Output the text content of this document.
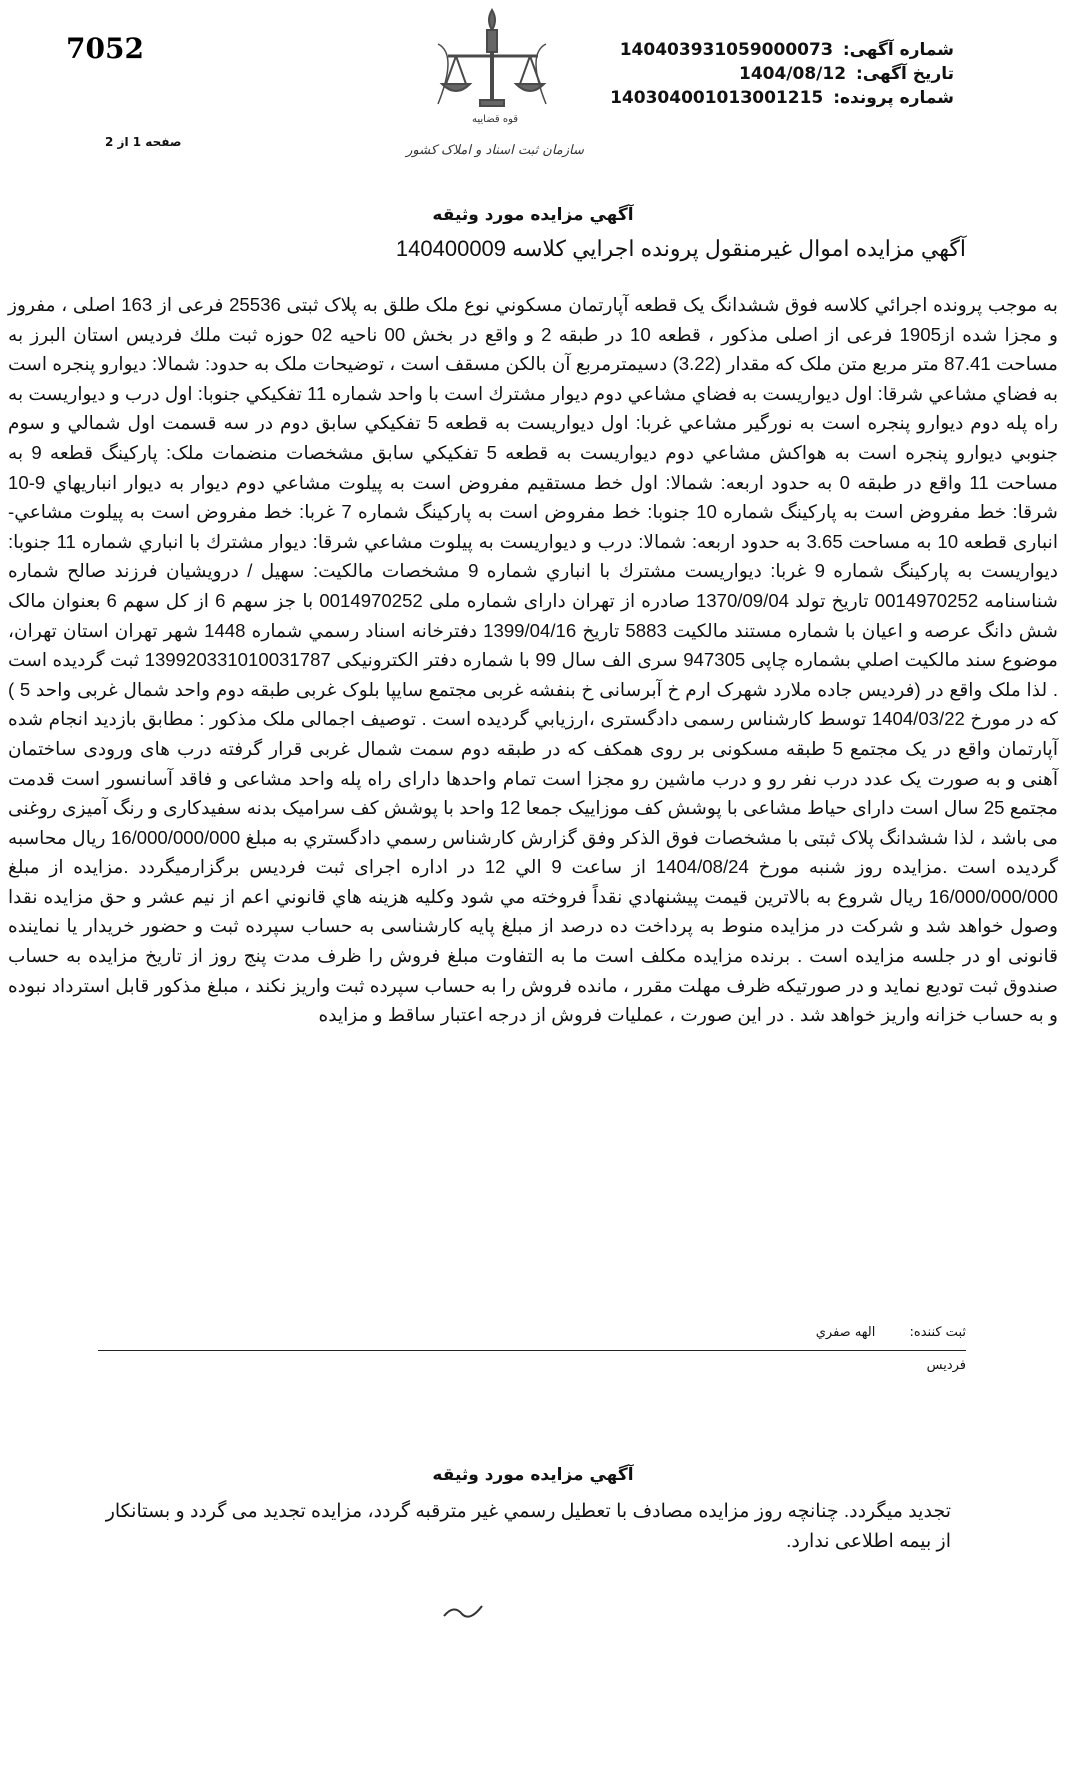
7052
صفحه 1 از 2
قوه قضاییه
سازمان ثبت اسناد و املاک کشور
شماره آگهی: 14040393105900007З
تاریخ آگهی: 1404/08/12
شماره پرونده: 14030400101З001215
آگهي مزايده مورد وثيقه
آگهي مزايده اموال غيرمنقول پرونده اجرايي كلاسه 140400009
به موجب پرونده اجرائي كلاسه فوق ششدانگ يک قطعه آپارتمان مسكوني نوع ملک طلق به پلاک ثبتی 25536 فرعی از 163 اصلی ، مفروز و مجزا شده از1905 فرعی از اصلی مذکور ، قطعه 10 در طبقه 2 و واقع در بخش 00 ناحیه 02 حوزه ثبت ملك فرديس استان البرز به مساحت 87.41 متر مربع متن ملک كه مقدار (3.22) دسیمترمربع آن بالکن مسقف است ، توضيحات ملک به حدود: شمالا: ديوارو پنجره است به فضاي مشاعي شرقا: اول ديواريست به فضاي مشاعي دوم ديوار مشترك است با واحد شماره 11 تفكيكي جنوبا: اول درب و ديواريست به راه پله دوم ديوارو پنجره است به نورگير مشاعي غربا: اول ديواريست به قطعه 5 تفكيكي سابق دوم در سه قسمت اول شمالي و سوم جنوبي ديوارو پنجره است به هواكش مشاعي دوم ديواريست به قطعه 5 تفكيكي سابق مشخصات منضمات ملک: پاركينگ قطعه 9 به مساحت 11 واقع در طبقه 0 به حدود اربعه: شمالا: اول خط مستقيم مفروض است به پيلوت مشاعي دوم ديوار به ديوار انباريهاي 9-10 شرقا: خط مفروض است به پاركينگ شماره 10 جنوبا: خط مفروض است به پاركينگ شماره 7 غربا: خط مفروض است به پيلوت مشاعي- انبارى قطعه 10 به مساحت 3.65 به حدود اربعه: شمالا: درب و ديواريست به پيلوت مشاعي شرقا: ديوار مشترك با انباري شماره 11 جنوبا: ديواريست به پاركينگ شماره 9 غربا: ديواريست مشترك با انباري شماره 9 مشخصات مالکیت: سهیل / درویشیان فرزند صالح شماره شناسنامه 0014970252 تاريخ تولد 1370/09/04 صادره از تهران دارای شماره ملی 0014970252 با جز سهم 6 از کل سهم 6 بعنوان مالک شش دانگ عرصه و اعیان با شماره مستند مالکیت 5883 تاریخ 1399/04/16 دفترخانه اسناد رسمي شماره 1448 شهر تهران استان تهران، موضوع سند مالكيت اصلي بشماره چاپی 947305 سری الف سال 99 با شماره دفتر الکترونیکی 139920331010031787 ثبت گردیده است . لذا ملک واقع در (فرديس جاده ملارد شهرک ارم خ آبرسانی خ بنفشه غربی مجتمع سایپا بلوک غربی طبقه دوم واحد شمال غربی واحد 5 ) كه در مورخ 1404/03/22 توسط کارشناس رسمی دادگستری ،ارزيابي گرديده است . توصیف اجمالی ملک مذکور : مطابق بازديد انجام شده آپارتمان واقع در یک مجتمع 5 طبقه مسکونی بر روی همکف که در طبقه دوم سمت شمال غربی قرار گرفته درب های ورودی ساختمان آهنی و به صورت یک عدد درب نفر رو و درب ماشین رو مجزا است تمام واحدها دارای راه پله واحد مشاعی و فاقد آسانسور است قدمت مجتمع 25 سال است دارای حیاط مشاعی با پوشش کف موزاییک جمعا 12 واحد با پوشش کف سرامیک بدنه سفیدکاری و رنگ آمیزی روغنی می باشد ، لذا ششدانگ پلاک ثبتی با مشخصات فوق الذكر وفق گزارش كارشناس رسمي دادگستري به مبلغ 16/000/000/000 ريال محاسبه گرديده است .مزايده روز شنبه مورخ 1404/08/24 از ساعت 9 الي 12 در اداره اجرای ثبت فرديس برگزارميگردد .مزايده از مبلغ 16/000/000/000 ريال شروع به بالاترين قيمت پيشنهادي نقداً فروخته مي شود وكليه هزينه هاي قانوني اعم از نيم عشر و حق مزايده نقدا وصول خواهد شد و شرکت در مزایده منوط به پرداخت ده درصد از مبلغ پایه کارشناسی به حساب سپرده ثبت و حضور خریدار یا نماینده قانونی او در جلسه مزایده است . برنده مزایده مکلف است ما به التفاوت مبلغ فروش را ظرف مدت پنج روز از تاریخ مزایده به حساب صندوق ثبت تودیع نماید و در صورتیکه ظرف مهلت مقرر ، مانده فروش را به حساب سپرده ثبت واریز نکند ، مبلغ مذکور قابل استرداد نبوده و به حساب خزانه واریز خواهد شد . در این صورت ، عملیات فروش از درجه اعتبار ساقط و مزایده
ثبت کننده: الهه صفري
فرديس
آگهي مزايده مورد وثيقه
تجديد ميگردد. چنانچه روز مزايده مصادف با تعطيل رسمي غير مترقبه گردد، مزايده تجديد مى گردد و بستانكار از بيمه اطلاعى ندارد.
